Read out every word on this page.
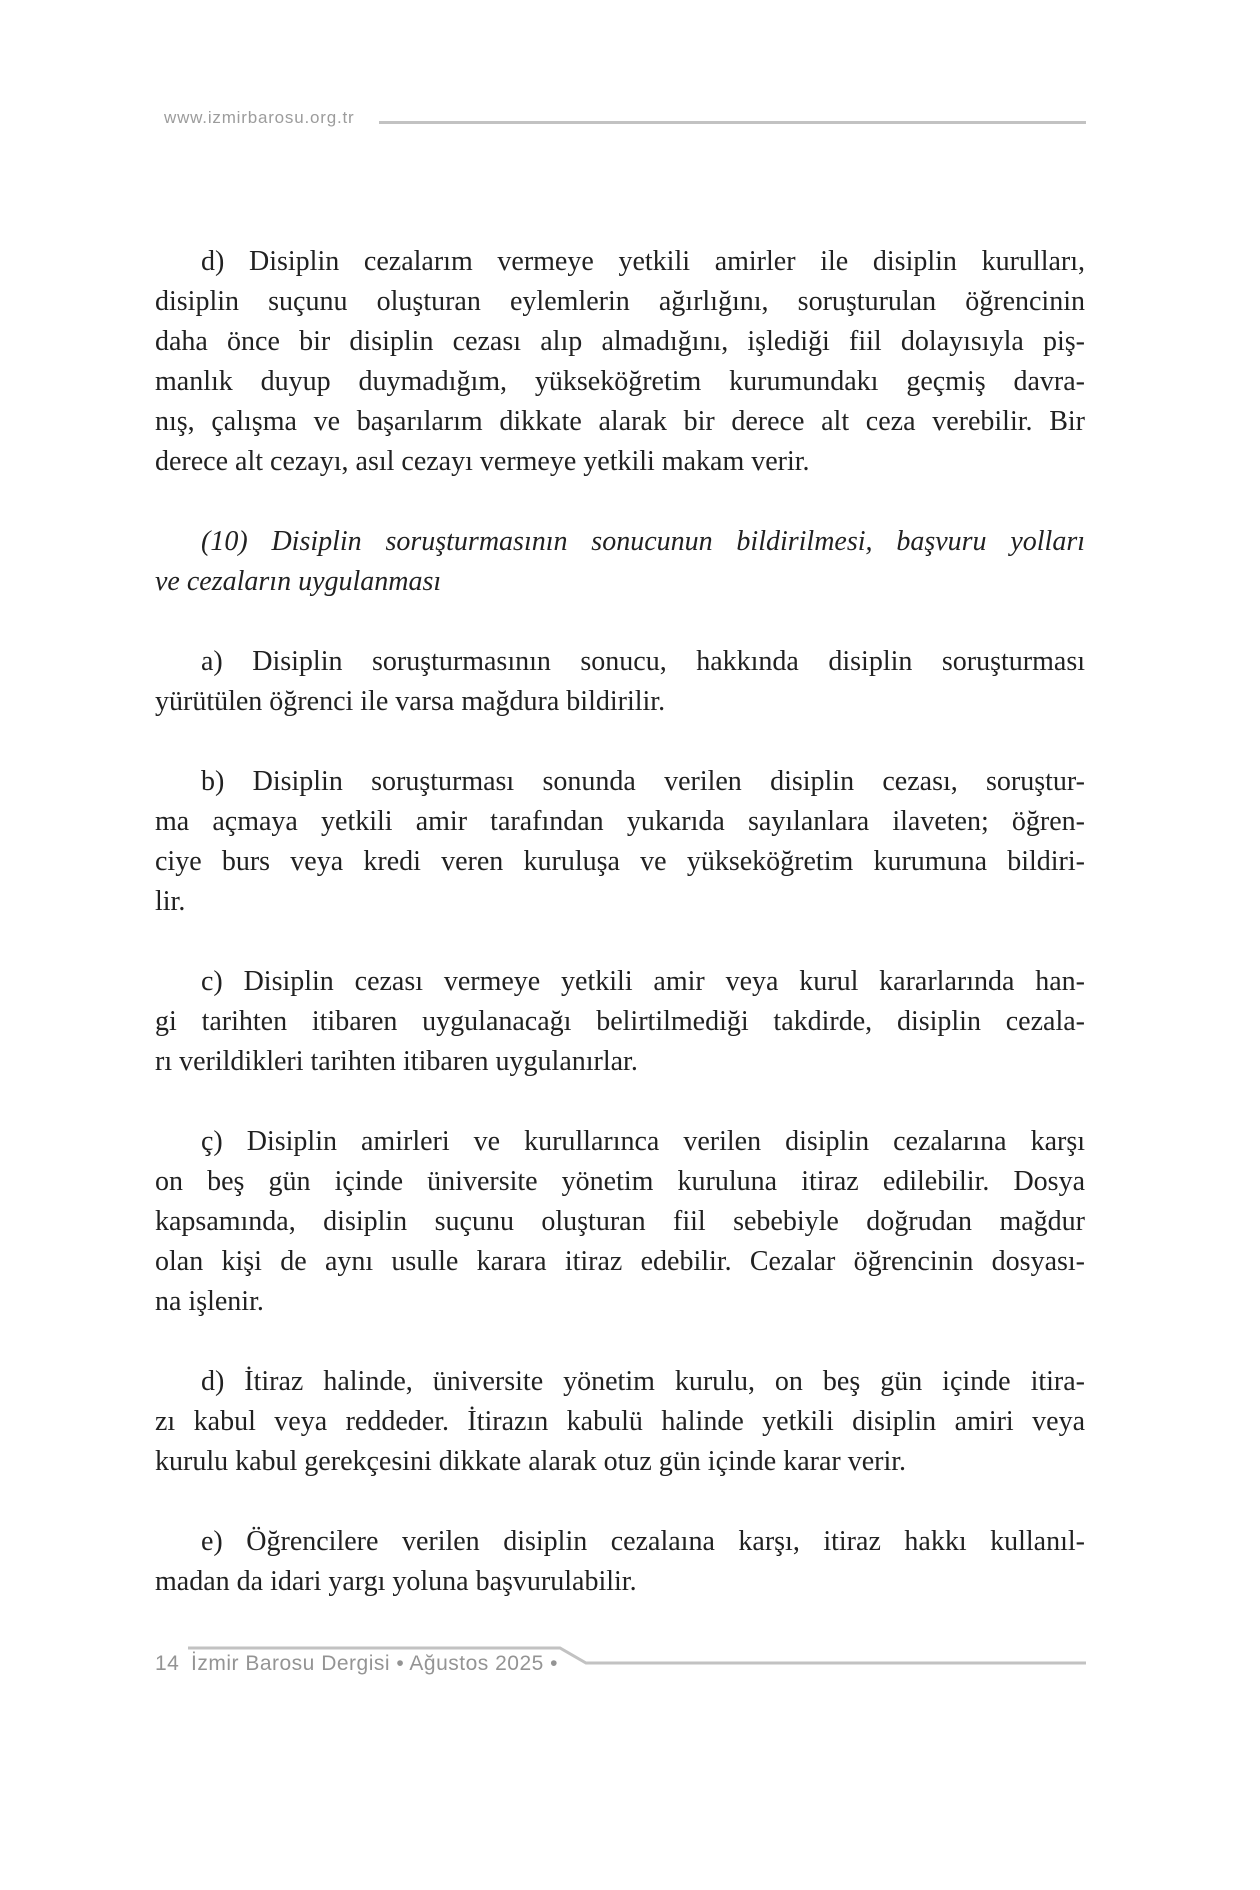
www.izmirbarosu.org.tr
d) Disiplin cezalarım vermeye yetkili amirler ile disiplin kurulları,
disiplin suçunu oluşturan eylemlerin ağırlığını, soruşturulan öğrencinin
daha önce bir disiplin cezası alıp almadığını, işlediği fiil dolayısıyla piş-
manlık duyup duymadığım, yükseköğretim kurumundakı geçmiş davra-
nış, çalışma ve başarılarım dikkate alarak bir derece alt ceza verebilir. Bir
derece alt cezayı, asıl cezayı vermeye yetkili makam verir.
(10) Disiplin soruşturmasının sonucunun bildirilmesi, başvuru yolları
ve cezaların uygulanması
a) Disiplin soruşturmasının sonucu, hakkında disiplin soruşturması
yürütülen öğrenci ile varsa mağdura bildirilir.
b) Disiplin soruşturması sonunda verilen disiplin cezası, soruştur-
ma açmaya yetkili amir tarafından yukarıda sayılanlara ilaveten; öğren-
ciye burs veya kredi veren kuruluşa ve yükseköğretim kurumuna bildiri-
lir.
c) Disiplin cezası vermeye yetkili amir veya kurul kararlarında han-
gi tarihten itibaren uygulanacağı belirtilmediği takdirde, disiplin cezala-
rı verildikleri tarihten itibaren uygulanırlar.
ç) Disiplin amirleri ve kurullarınca verilen disiplin cezalarına karşı
on beş gün içinde üniversite yönetim kuruluna itiraz edilebilir. Dosya
kapsamında, disiplin suçunu oluşturan fiil sebebiyle doğrudan mağdur
olan kişi de aynı usulle karara itiraz edebilir. Cezalar öğrencinin dosyası-
na işlenir.
d) İtiraz halinde, üniversite yönetim kurulu, on beş gün içinde itira-
zı kabul veya reddeder. İtirazın kabulü halinde yetkili disiplin amiri veya
kurulu kabul gerekçesini dikkate alarak otuz gün içinde karar verir.
e) Öğrencilere verilen disiplin cezalaına karşı, itiraz hakkı kullanıl-
madan da idari yargı yoluna başvurulabilir.
14 İzmir Barosu Dergisi • Ağustos 2025 •
